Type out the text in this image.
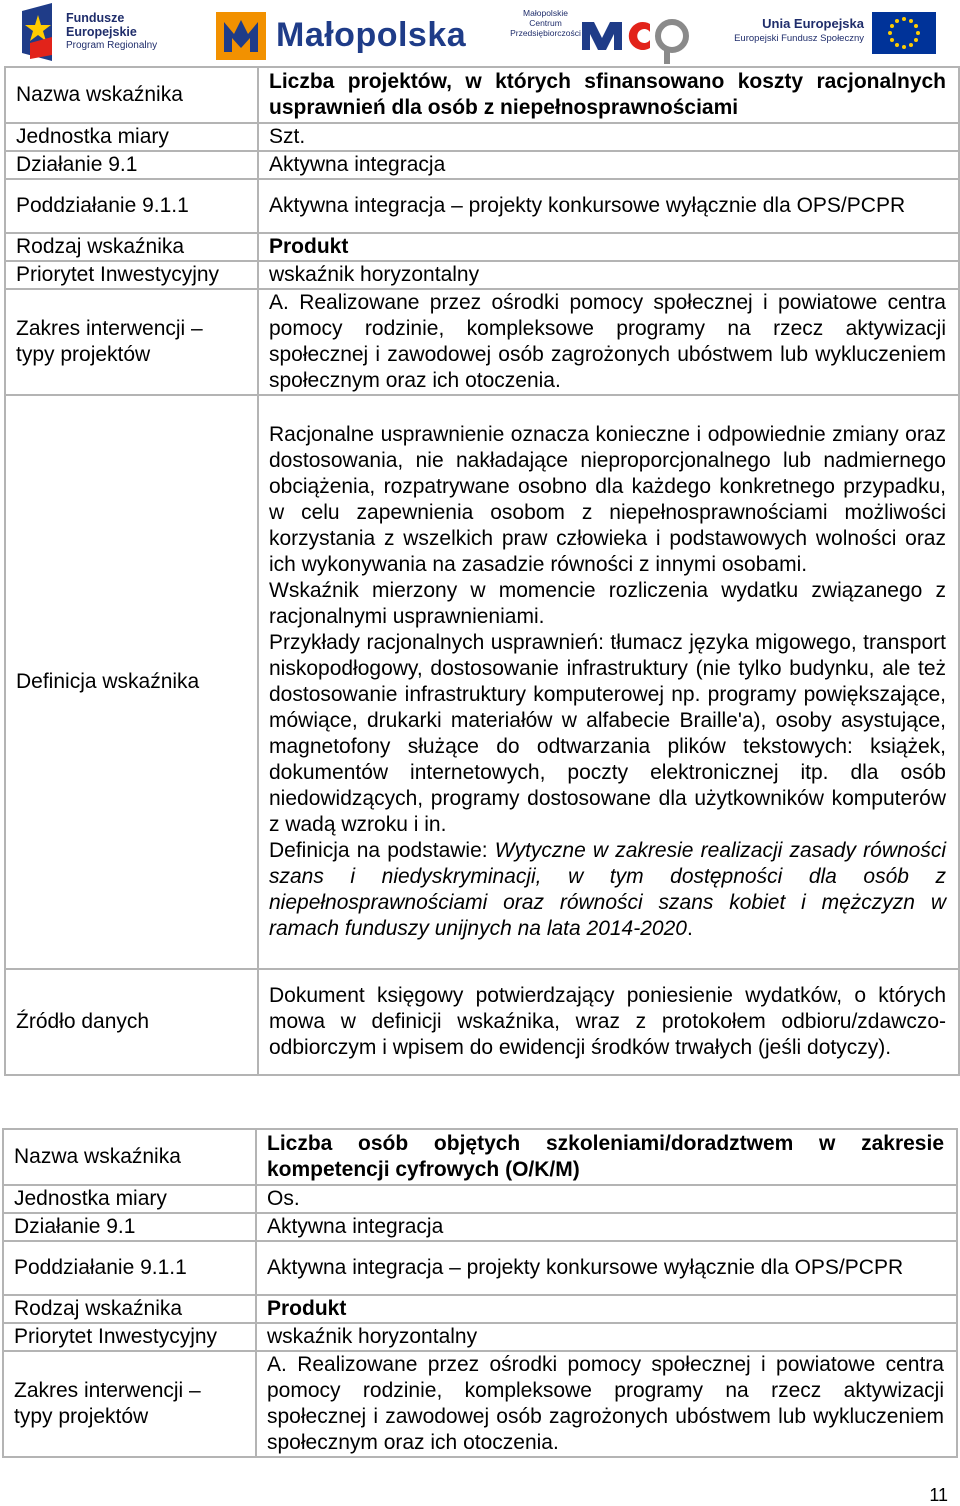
Fundusze
Europejskie
Program Regionalny	Małopolska
Małopolskie Centrum Przedsiębiorczości
Unia Europejska
Europejski Fundusz Społeczny
Nazwa wskaźnika	Liczba projektów, w których sfinansowano koszty racjonalnych usprawnień dla osób z niepełnosprawnościami
Jednostka miary	Szt.
Działanie 9.1	Aktywna integracja
Poddziałanie 9.1.1	Aktywna integracja – projekty konkursowe wyłącznie dla OPS/PCPR
Rodzaj wskaźnika	Produkt
Priorytet Inwestycyjny	wskaźnik horyzontalny
Zakres interwencji – typy projektów	A. Realizowane przez ośrodki pomocy społecznej i powiatowe centra pomocy rodzinie, kompleksowe programy na rzecz aktywizacji społecznej i zawodowej osób zagrożonych ubóstwem lub wykluczeniem społecznym oraz ich otoczenia.
Definicja wskaźnika	Racjonalne usprawnienie oznacza konieczne i odpowiednie zmiany oraz dostosowania, nie nakładające nieproporcjonalnego lub nadmiernego obciążenia, rozpatrywane osobno dla każdego konkretnego przypadku, w celu zapewnienia osobom z niepełnosprawnościami możliwości korzystania z wszelkich praw człowieka i podstawowych wolności oraz ich wykonywania na zasadzie równości z innymi osobami.

Wskaźnik mierzony w momencie rozliczenia wydatku związanego z racjonalnymi usprawnieniami.

Przykłady racjonalnych usprawnień: tłumacz języka migowego, transport niskopodłogowy, dostosowanie infrastruktury (nie tylko budynku, ale też dostosowanie infrastruktury komputerowej np. programy powiększające, mówiące, drukarki materiałów w alfabecie Braille'a), osoby asystujące, magnetofony służące do odtwarzania plików tekstowych: książek, dokumentów internetowych, poczty elektronicznej itp. dla osób niedowidzących, programy dostosowane dla użytkowników komputerów z wadą wzroku i in.

Definicja na podstawie: Wytyczne w zakresie realizacji zasady równości szans i niedyskryminacji, w tym dostępności dla osób z niepełnosprawnościami oraz równości szans kobiet i mężczyzn w ramach funduszy unijnych na lata 2014-2020.

Źródło danych	Dokument księgowy potwierdzający poniesienie wydatków, o których mowa w definicji wskaźnika, wraz z protokołem odbioru/zdawczo-odbiorczym i wpisem do ewidencji środków trwałych (jeśli dotyczy).
Nazwa wskaźnika	Liczba osób objętych szkoleniami/doradztwem w zakresie kompetencji cyfrowych (O/K/M)
Jednostka miary	Os.
Działanie 9.1	Aktywna integracja
Poddziałanie 9.1.1	Aktywna integracja – projekty konkursowe wyłącznie dla OPS/PCPR
Rodzaj wskaźnika	Produkt
Priorytet Inwestycyjny	wskaźnik horyzontalny
Zakres interwencji – typy projektów	A. Realizowane przez ośrodki pomocy społecznej i powiatowe centra pomocy rodzinie, kompleksowe programy na rzecz aktywizacji społecznej i zawodowej osób zagrożonych ubóstwem lub wykluczeniem społecznym oraz ich otoczenia.
11
